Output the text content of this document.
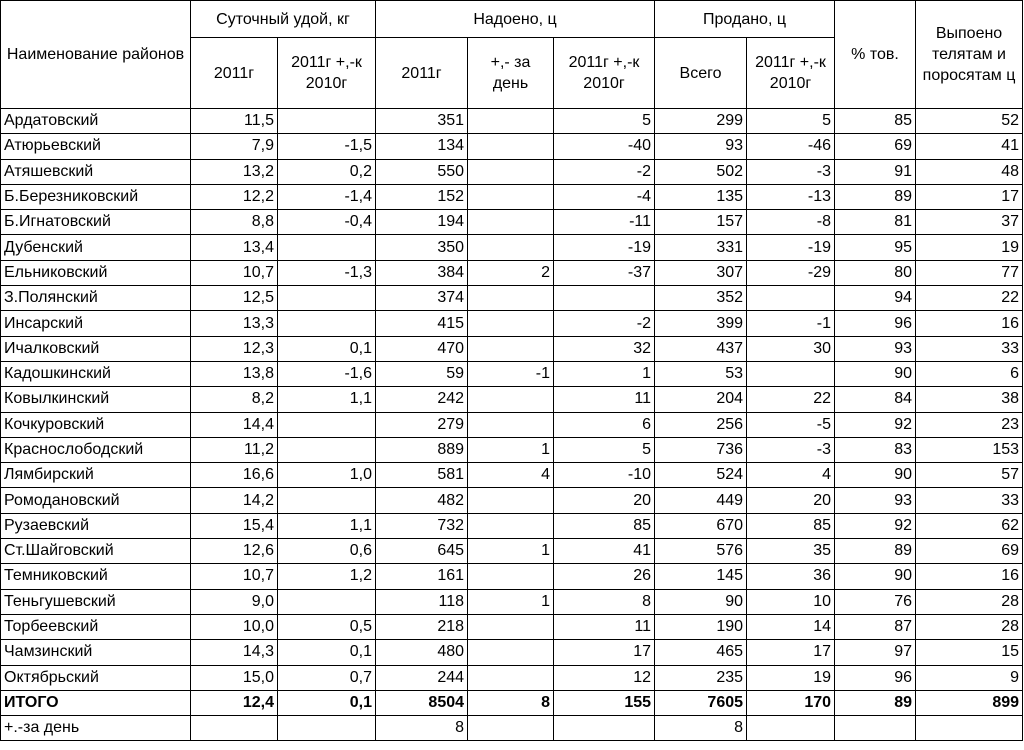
Наименование районов	Суточный удой, кг		Надоено, ц			Продано, ц		% тов.	Выпоено телятам и поросятам ц
	2011г	2011г +,-к 2010г	2011г	+,- за день	2011г +,-к 2010г	Всего	2011г +,-к 2010г		
Ардатовский	11,5		351		5	299	5	85	52
Атюрьевский	7,9	-1,5	134		-40	93	-46	69	41
Атяшевский	13,2	0,2	550		-2	502	-3	91	48
Б.Березниковский	12,2	-1,4	152		-4	135	-13	89	17
Б.Игнатовский	8,8	-0,4	194		-11	157	-8	81	37
Дубенский	13,4		350		-19	331	-19	95	19
Ельниковский	10,7	-1,3	384	2	-37	307	-29	80	77
З.Полянский	12,5		374			352		94	22
Инсарский	13,3		415		-2	399	-1	96	16
Ичалковский	12,3	0,1	470		32	437	30	93	33
Кадошкинский	13,8	-1,6	59	-1	1	53		90	6
Ковылкинский	8,2	1,1	242		11	204	22	84	38
Кочкуровский	14,4		279		6	256	-5	92	23
Краснослободский	11,2		889	1	5	736	-3	83	153
Лямбирский	16,6	1,0	581	4	-10	524	4	90	57
Ромодановский	14,2		482		20	449	20	93	33
Рузаевский	15,4	1,1	732		85	670	85	92	62
Ст.Шайговский	12,6	0,6	645	1	41	576	35	89	69
Темниковский	10,7	1,2	161		26	145	36	90	16
Теньгушевский	9,0		118	1	8	90	10	76	28
Торбеевский	10,0	0,5	218		11	190	14	87	28
Чамзинский	14,3	0,1	480		17	465	17	97	15
Октябрьский	15,0	0,7	244		12	235	19	96	9
ИТОГО	12,4	0,1	8504	8	155	7605	170	89	899
+.-за день			8			8			
